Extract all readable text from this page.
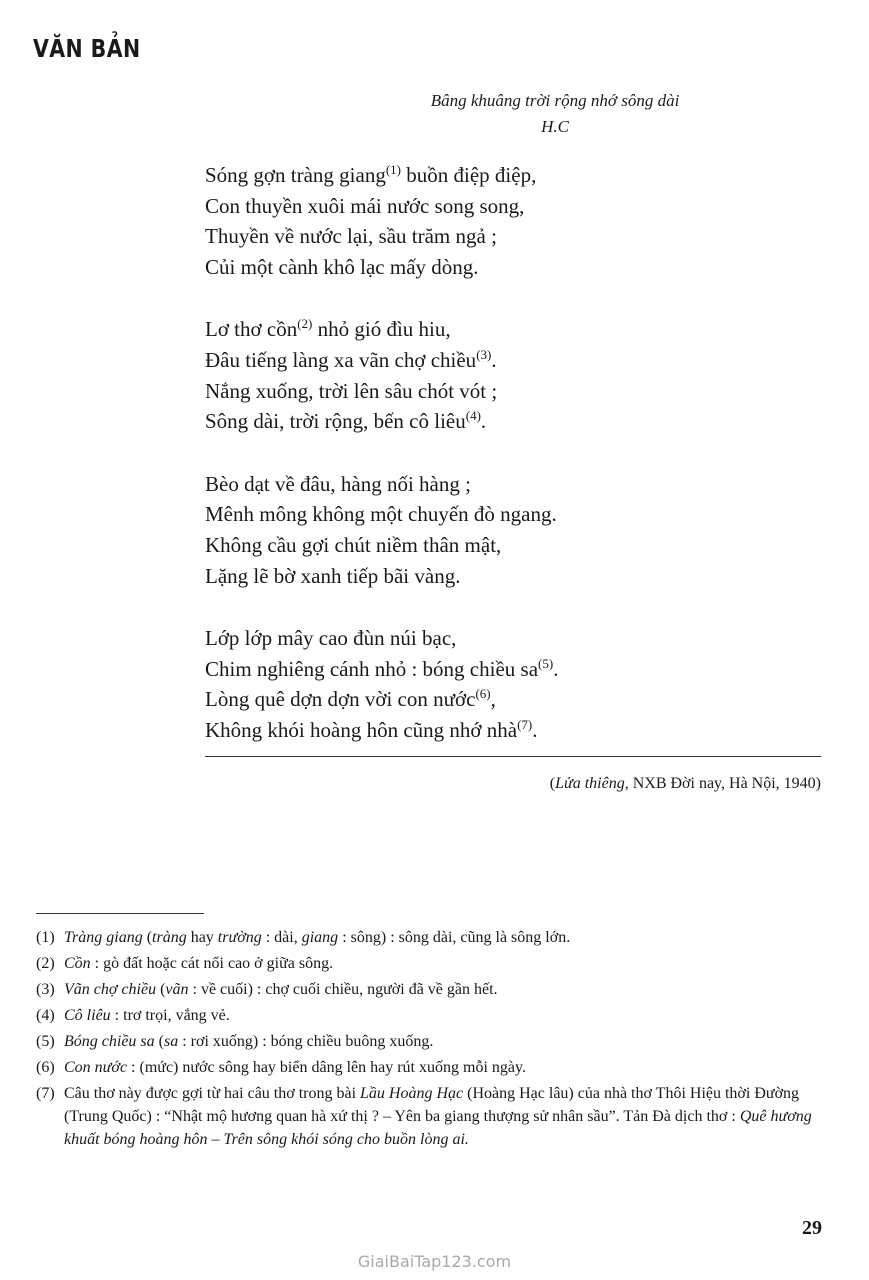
VĂN BẢN
Bâng khuâng trời rộng nhớ sông dài
H.C
Sóng gợn tràng giang$^{(1)}$ buồn điệp điệp,
Con thuyền xuôi mái nước song song,
Thuyền về nước lại, sầu trăm ngả ;
Củi một cành khô lạc mấy dòng.
Lơ thơ cồn$^{(2)}$ nhỏ gió đìu hiu,
Đâu tiếng làng xa vãn chợ chiều$^{(3)}$.
Nắng xuống, trời lên sâu chót vót ;
Sông dài, trời rộng, bến cô liêu$^{(4)}$.
Bèo dạt về đâu, hàng nối hàng ;
Mênh mông không một chuyến đò ngang.
Không cầu gợi chút niềm thân mật,
Lặng lẽ bờ xanh tiếp bãi vàng.
Lớp lớp mây cao đùn núi bạc,
Chim nghiêng cánh nhỏ : bóng chiều $sa^{(5)}$.
Lòng quê dợn dợn vời con nước$^{(6)}$,
Không khói hoàng hôn cũng nhớ nhà$^{(7)}$.
(Lửa thiêng, NXB Đời nay, Hà Nội, 1940)
(1) Tràng giang (tràng hay trường : dài, giang : sông) : sông dài, cũng là sông lớn.
(2) Cồn : gò đất hoặc cát nổi cao ở giữa sông.
(3) Vãn chợ chiều (vãn : về cuối) : chợ cuối chiều, người đã về gần hết.
(4) Cô liêu : trơ trọi, vắng vẻ.
(5) Bóng chiều sa (sa : rơi xuống) : bóng chiều buông xuống.
(6) Con nước : (mức) nước sông hay biển dâng lên hay rút xuống mỗi ngày.
(7) Câu thơ này được gợi từ hai câu thơ trong bài Lầu Hoàng Hạc (Hoàng Hạc lâu) của nhà thơ Thôi Hiệu thời Đường (Trung Quốc) : “Nhật mộ hương quan hà xứ thị ? – Yên ba giang thượng sử nhân sầu”. Tản Đà dịch thơ : Quê hương khuất bóng hoàng hôn – Trên sông khói sóng cho buồn lòng ai.

29

GiaiBaiTap123.com
